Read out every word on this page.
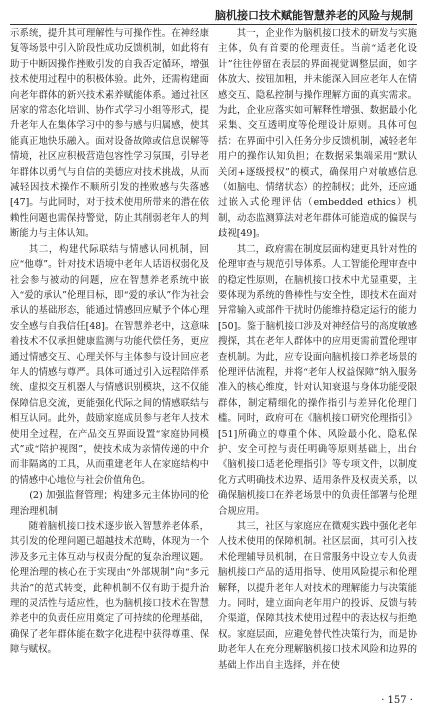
脑机接口技术赋能智慧养老的风险与规制

示系统，提升其可理解性与可操作性。在神经康复等场景中引入阶段性成功反馈机制，如此将有助于中断因操作挫败引发的自我否定循环，增强技术使用过程中的积极体验。此外，还需构建面向老年群体的新兴技术素养赋能体系。通过社区居家的常态化培训、协作式学习小组等形式，提升老年人在集体学习中的参与感与归属感，使其能真正地快乐融入。面对设备故障或信息误解等情境，社区应积极营造包容性学习氛围，引导老年群体以勇气与自信的美德应对技术挑战，从而减轻因技术操作不顺所引发的挫败感与失落感[47]。与此同时，对于技术使用所带来的潜在依赖性问题也需保持警觉，防止其削弱老年人的判断能力与主体认知。

其二，构建代际联结与情感认同机制，回应“他尊”。针对技术语境中老年人话语权弱化及社会参与被动的问题，应在智慧养老系统中嵌入“爱的承认”伦理目标，即“爱的承认”作为社会承认的基础形态，能通过情感回应赋予个体心理安全感与自我信任[48]。在智慧养老中，这意味着技术不仅承担健康监测与功能代偿任务，更应通过情感交互、心理关怀与主体参与设计回应老年人的情感与尊严。具体可通过引入远程陪伴系统、虚拟交互机器人与情感识别模块，这不仅能保障信息交流，更能强化代际之间的情感联结与相互认同。此外，鼓励家庭成员参与老年人技术使用全过程，在产品交互界面设置“家庭协同模式”或“陪护视图”，使技术成为亲情传递的中介而非隔离的工具，从而重建老年人在家庭结构中的情感中心地位与社会价值角色。

(2) 加强监督管理；构建多元主体协同的伦理治理机制

随着脑机接口技术逐步嵌入智慧养老体系，其引发的伦理问题已超越技术范畴，体现为一个涉及多元主体互动与权责分配的复杂治理议题。伦理治理的核心在于实现由“外部规制”向“多元共治”的范式转变，此种机制不仅有助于提升治理的灵活性与适应性，也为脑机接口技术在智慧养老中的负责任应用奠定了可持续的伦理基础，确保了老年群体能在数字化进程中获得尊重、保障与赋权。

其一，企业作为脑机接口技术的研发与实施主体，负有首要的伦理责任。当前“适老化设计”往往停留在表层的界面视觉调整层面，如字体放大、按钮加粗，并未能深入回应老年人在情感交互、隐私控制与操作理解方面的真实需求。为此，企业应落实如可解释性增强、数据最小化采集、交互透明度等伦理设计原则。具体可包括：在界面中引入任务分步反馈机制，减轻老年用户的操作认知负担；在数据采集端采用“默认关闭+逐级授权”的模式，确保用户对敏感信息（如脑电、情绪状态）的控制权；此外，还应通过嵌入式伦理评估（embedded ethics）机制，动态监测算法对老年群体可能造成的偏误与歧视[49]。

其二，政府需在制度层面构建更具针对性的伦理审查与规范引导体系。人工智能伦理审查中的稳定性原则，在脑机接口技术中尤显重要，主要体现为系统的鲁棒性与安全性，即技术在面对异常输入或部件干扰时仍能维持稳定运行的能力[50]。鉴于脑机接口涉及对神经信号的高度敏感搜探，其在老年人群体中的应用更需前置伦理审查机制。为此，应专设面向脑机接口养老场景的伦理评估流程，并将“老年人权益保障”纳入服务准入的核心维度，针对认知衰退与身体功能受限群体，制定精细化的操作指引与差异化伦理门槛。同时，政府可在《脑机接口研究伦理指引》[51]所确立的尊重个体、风险最小化、隐私保护、安全可控与责任明确等原则基础上，出台《脑机接口适老伦理指引》等专项文件，以制度化方式明确技术边界、适用条件及权责关系，以确保脑机接口在养老场景中的负责任部署与伦理合规应用。

其三，社区与家庭应在微观实践中强化老年人技术使用的保障机制。社区层面，其可引入技术伦理辅导员机制，在日常服务中设立专人负责脑机接口产品的适用指导、使用风险提示和伦理解释，以提升老年人对技术的理解能力与决策能力。同时，建立面向老年用户的投诉、反馈与转介渠道，保障其技术使用过程中的表达权与拒绝权。家庭层面，应避免替代性决策行为，而是协助老年人在充分理解脑机接口技术风险和边界的基础上作出自主选择，并在使

· 157 ·
